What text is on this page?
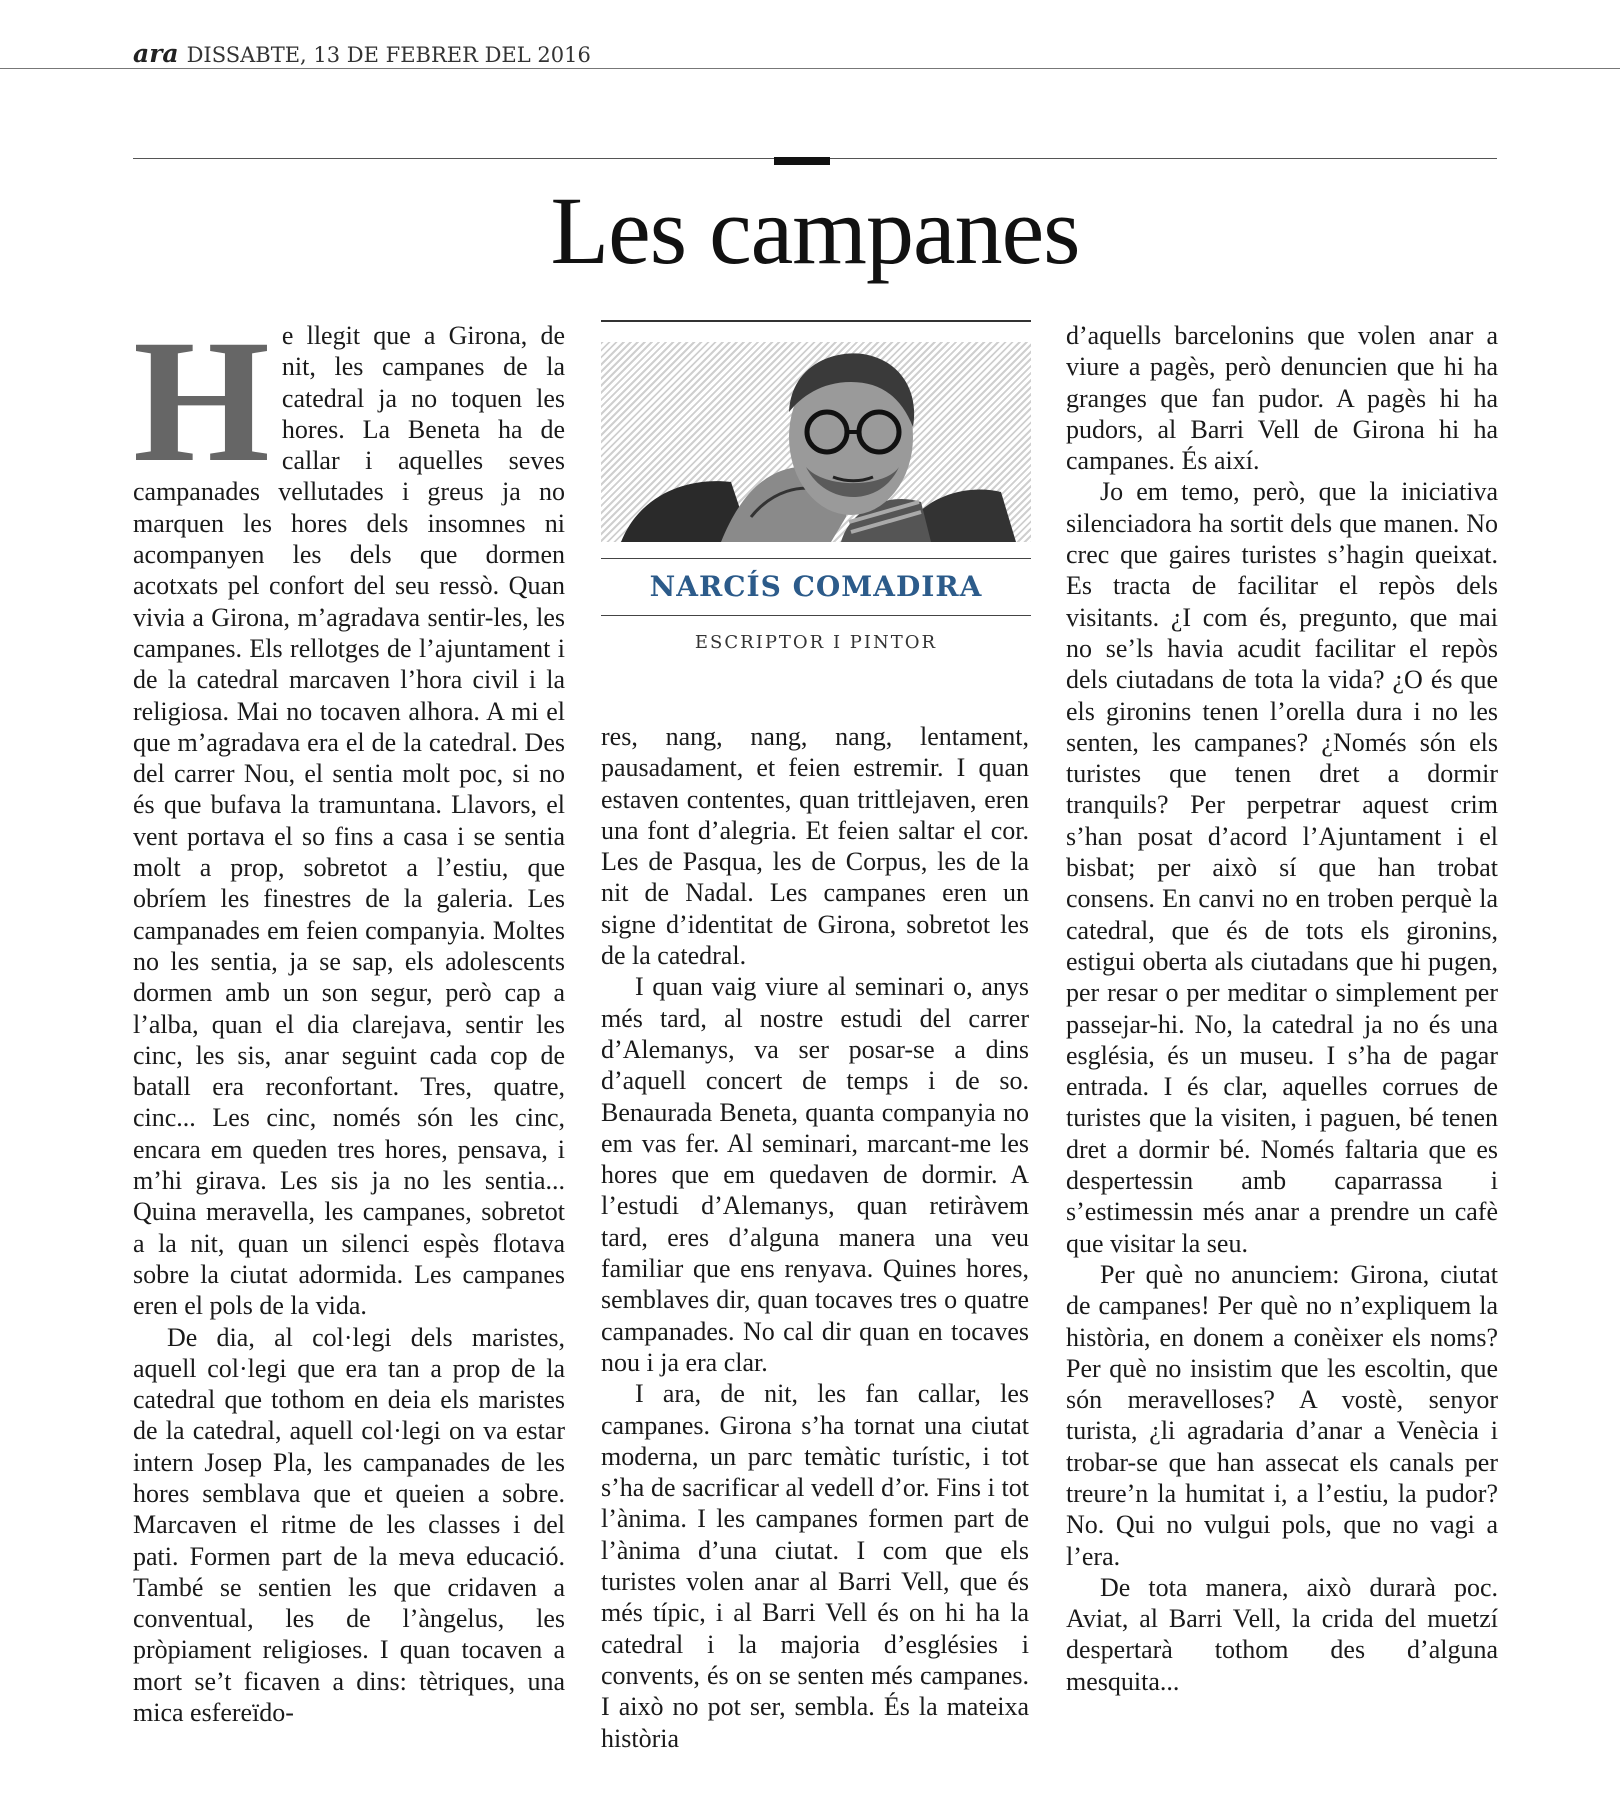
ara DISSABTE, 13 DE FEBRER DEL 2016
Les campanes
H e llegit que a Girona, de nit, les campanes de la catedral ja no toquen les hores. La Beneta ha de callar i aquelles seves campanades vellutades i greus ja no marquen les hores dels insomnes ni acompanyen les dels que dormen acotxats pel confort del seu ressò. Quan vivia a Girona, m’agradava sentir-les, les campanes. Els rellotges de l’ajuntament i de la catedral marcaven l’hora civil i la religiosa. Mai no tocaven alhora. A mi el que m’agradava era el de la catedral. Des del carrer Nou, el sentia molt poc, si no és que bufava la tramuntana. Llavors, el vent portava el so fins a casa i se sentia molt a prop, sobretot a l’estiu, que obríem les finestres de la galeria. Les campanades em feien companyia. Moltes no les sentia, ja se sap, els adolescents dormen amb un son segur, però cap a l’alba, quan el dia clarejava, sentir les cinc, les sis, anar seguint cada cop de batall era reconfortant. Tres, quatre, cinc... Les cinc, només són les cinc, encara em queden tres hores, pensava, i m’hi girava. Les sis ja no les sentia... Quina meravella, les campanes, sobretot a la nit, quan un silenci espès flotava sobre la ciutat adormida. Les campanes eren el pols de la vida.

De dia, al col·legi dels maristes, aquell col·legi que era tan a prop de la catedral que tothom en deia els maristes de la catedral, aquell col·legi on va estar intern Josep Pla, les campanades de les hores semblava que et queien a sobre. Marcaven el ritme de les classes i del pati. Formen part de la meva educació. També se sentien les que cridaven a conventual, les de l’àngelus, les pròpiament religioses. I quan tocaven a mort se’t ficaven a dins: tètriques, una mica esfereïdo-

NARCÍS COMADIRA
ESCRIPTOR I PINTOR

res, nang, nang, nang, lentament, pausadament, et feien estremir. I quan estaven contentes, quan trittlejaven, eren una font d’alegria. Et feien saltar el cor. Les de Pasqua, les de Corpus, les de la nit de Nadal. Les campanes eren un signe d’identitat de Girona, sobretot les de la catedral.

I quan vaig viure al seminari o, anys més tard, al nostre estudi del carrer d’Alemanys, va ser posar-se a dins d’aquell concert de temps i de so. Benaurada Beneta, quanta companyia no em vas fer. Al seminari, marcant-me les hores que em quedaven de dormir. A l’estudi d’Alemanys, quan retiràvem tard, eres d’alguna manera una veu familiar que ens renyava. Quines hores, semblaves dir, quan tocaves tres o quatre campanades. No cal dir quan en tocaves nou i ja era clar.

I ara, de nit, les fan callar, les campanes. Girona s’ha tornat una ciutat moderna, un parc temàtic turístic, i tot s’ha de sacrificar al vedell d’or. Fins i tot l’ànima. I les campanes formen part de l’ànima d’una ciutat. I com que els turistes volen anar al Barri Vell, que és més típic, i al Barri Vell és on hi ha la catedral i la majoria d’esglésies i convents, és on se senten més campanes. I això no pot ser, sembla. És la mateixa història

d’aquells barcelonins que volen anar a viure a pagès, però denuncien que hi ha granges que fan pudor. A pagès hi ha pudors, al Barri Vell de Girona hi ha campanes. És així.

Jo em temo, però, que la iniciativa silenciadora ha sortit dels que manen. No crec que gaires turistes s’hagin queixat. Es tracta de facilitar el repòs dels visitants. ¿I com és, pregunto, que mai no se’ls havia acudit facilitar el repòs dels ciutadans de tota la vida? ¿O és que els gironins tenen l’orella dura i no les senten, les campanes? ¿Només són els turistes que tenen dret a dormir tranquils? Per perpetrar aquest crim s’han posat d’acord l’Ajuntament i el bisbat; per això sí que han trobat consens. En canvi no en troben perquè la catedral, que és de tots els gironins, estigui oberta als ciutadans que hi pugen, per resar o per meditar o simplement per passejar-hi. No, la catedral ja no és una església, és un museu. I s’ha de pagar entrada. I és clar, aquelles corrues de turistes que la visiten, i paguen, bé tenen dret a dormir bé. Només faltaria que es despertessin amb caparrassa i s’estimessin més anar a prendre un cafè que visitar la seu.

Per què no anunciem: Girona, ciutat de campanes! Per què no n’expliquem la història, en donem a conèixer els noms? Per què no insistim que les escoltin, que són meravelloses? A vostè, senyor turista, ¿li agradaria d’anar a Venècia i trobar-se que han assecat els canals per treure’n la humitat i, a l’estiu, la pudor? No. Qui no vulgui pols, que no vagi a l’era.

De tota manera, això durarà poc. Aviat, al Barri Vell, la crida del muetzí despertarà tothom des d’alguna mesquita...
